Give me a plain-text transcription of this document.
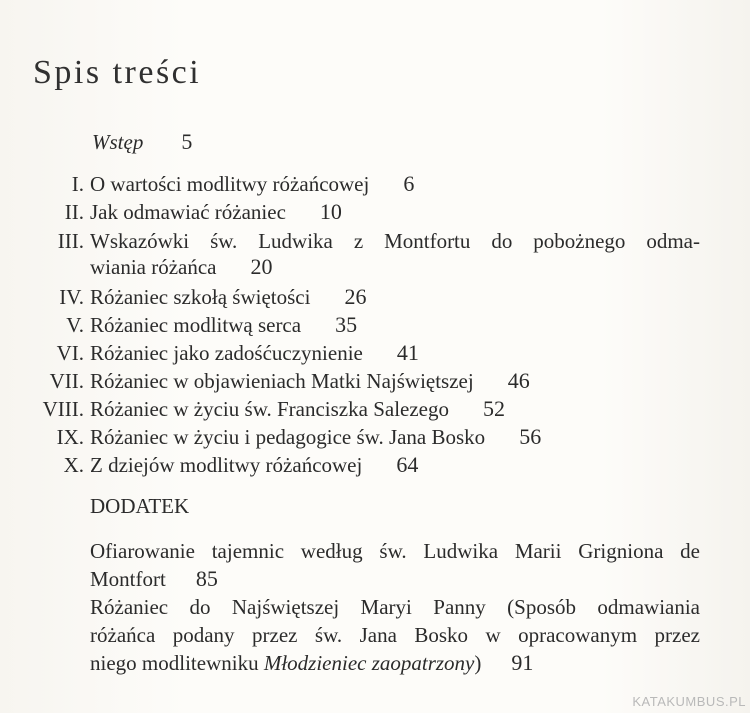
Spis treści
Wstęp 5
I. O wartości modlitwy różańcowej 6
II. Jak odmawiać różaniec 10
III. Wskazówki św. Ludwika z Montfortu do pobożnego odma-
wiania różańca 20
IV. Różaniec szkołą świętości 26
V. Różaniec modlitwą serca 35
VI. Różaniec jako zadośćuczynienie 41
VII. Różaniec w objawieniach Matki Najświętszej 46
VIII. Różaniec w życiu św. Franciszka Salezego 52
IX. Różaniec w życiu i pedagogice św. Jana Bosko 56
X. Z dziejów modlitwy różańcowej 64
DODATEK
Ofiarowanie tajemnic według św. Ludwika Marii Grigniona de
Montfort 85
Różaniec do Najświętszej Maryi Panny (Sposób odmawiania
różańca podany przez św. Jana Bosko w opracowanym przez
niego modlitewniku Młodzieniec zaopatrzony) 91
KATAKUMBUS.PL
